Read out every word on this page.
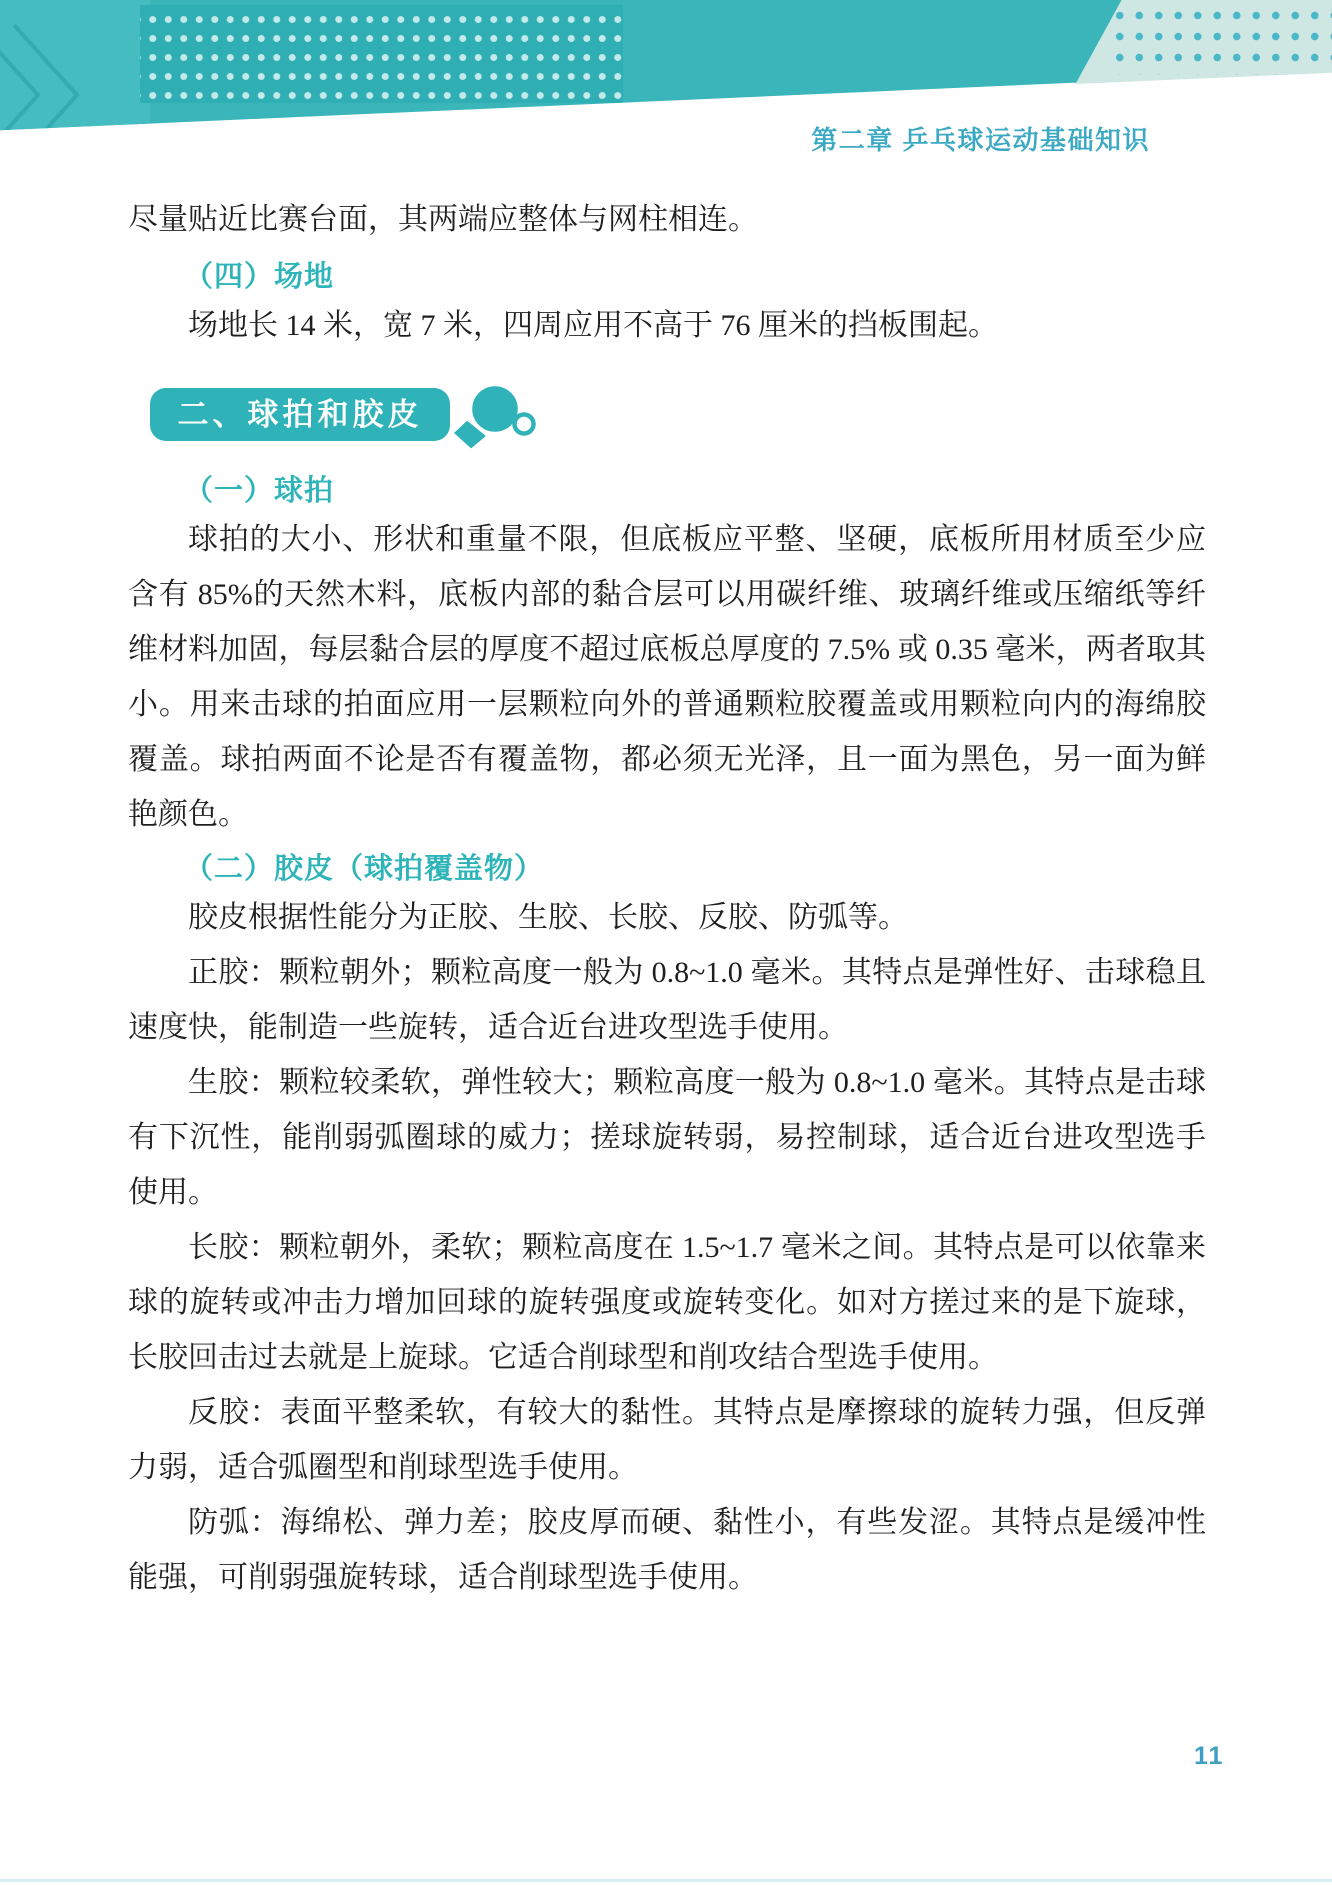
第二章 乒乓球运动基础知识

尽量贴近比赛台面，其两端应整体与网柱相连。

（四）场地

场地长 14 米，宽 7 米，四周应用不高于 76 厘米的挡板围起。

二、球拍和胶皮
（一）球拍

球拍的大小、形状和重量不限，但底板应平整、坚硬，底板所用材质至少应含有 85%的天然木料，底板内部的黏合层可以用碳纤维、玻璃纤维或压缩纸等纤维材料加固，每层黏合层的厚度不超过底板总厚度的 7.5% 或 0.35 毫米，两者取其小。用来击球的拍面应用一层颗粒向外的普通颗粒胶覆盖或用颗粒向内的海绵胶覆盖。球拍两面不论是否有覆盖物，都必须无光泽，且一面为黑色，另一面为鲜艳颜色。

（二）胶皮（球拍覆盖物）

胶皮根据性能分为正胶、生胶、长胶、反胶、防弧等。

正胶：颗粒朝外；颗粒高度一般为 0.8~1.0 毫米。其特点是弹性好、击球稳且速度快，能制造一些旋转，适合近台进攻型选手使用。

生胶：颗粒较柔软，弹性较大；颗粒高度一般为 0.8~1.0 毫米。其特点是击球有下沉性，能削弱弧圈球的威力；搓球旋转弱，易控制球，适合近台进攻型选手使用。

长胶：颗粒朝外，柔软；颗粒高度在 1.5~1.7 毫米之间。其特点是可以依靠来球的旋转或冲击力增加回球的旋转强度或旋转变化。如对方搓过来的是下旋球，长胶回击过去就是上旋球。它适合削球型和削攻结合型选手使用。

反胶：表面平整柔软，有较大的黏性。其特点是摩擦球的旋转力强，但反弹力弱，适合弧圈型和削球型选手使用。

防弧：海绵松、弹力差；胶皮厚而硬、黏性小，有些发涩。其特点是缓冲性能强，可削弱强旋转球，适合削球型选手使用。

11
